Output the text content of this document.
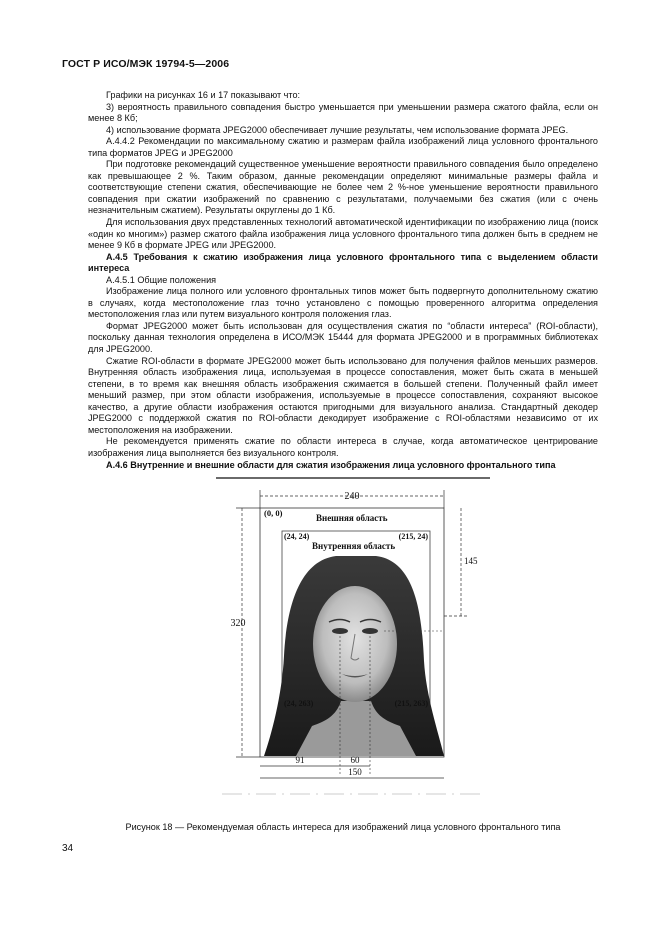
ГОСТ Р ИСО/МЭК 19794-5—2006

Графики на рисунках 16 и 17 показывают что:

3) вероятность правильного совпадения быстро уменьшается при уменьшении размера сжатого файла, если он менее 8 Кб;

4) использование формата JPEG2000 обеспечивает лучшие результаты, чем использование формата JPEG.

А.4.4.2 Рекомендации по максимальному сжатию и размерам файла изображений лица условного фронтального типа форматов JPEG и JPEG2000

При подготовке рекомендаций существенное уменьшение вероятности правильного совпадения было определено как превышающее 2 %. Таким образом, данные рекомендации определяют минимальные размеры файла и соответствующие степени сжатия, обеспечивающие не более чем 2 %-ное уменьшение вероятности правильного совпадения при сжатии изображений по сравнению с результатами, получаемыми без сжатия (или с очень незначительным сжатием). Результаты округлены до 1 Кб.

Для использования двух представленных технологий автоматической идентификации по изображению лица (поиск «один ко многим») размер сжатого файла изображения лица условного фронтального типа должен быть в среднем не менее 9 Кб в формате JPEG или JPEG2000.

А.4.5 Требования к сжатию изображения лица условного фронтального типа с выделением области интереса

А.4.5.1 Общие положения

Изображение лица полного или условного фронтальных типов может быть подвергнуто дополнительному сжатию в случаях, когда местоположение глаз точно установлено с помощью проверенного алгоритма определения местоположения глаз или путем визуального контроля положения глаз.

Формат JPEG2000 может быть использован для осуществления сжатия по “области интереса” (ROI-области), поскольку данная технология определена в ИСО/МЭК 15444 для формата JPEG2000 и в программных библиотеках для JPEG2000.

Сжатие ROI-области в формате JPEG2000 может быть использовано для получения файлов меньших размеров. Внутренняя область изображения лица, используемая в процессе сопоставления, может быть сжата в меньшей степени, в то время как внешняя область изображения сжимается в большей степени. Полученный файл имеет меньший размер, при этом области изображения, используемые в процессе сопоставления, сохраняют высокое качество, а другие области изображения остаются пригодными для визуального анализа. Стандартный декодер JPEG2000 с поддержкой сжатия по ROI-области декодирует изображение с ROI-областями независимо от их местоположения на изображении.

Не рекомендуется применять сжатие по области интереса в случае, когда автоматическое центрирование изображения лица выполняется без визуального контроля.

А.4.6 Внутренние и внешние области для сжатия изображения лица условного фронтального типа

240
320
145
(0, 0)	Внешняя область
(24, 24)	(215, 24)
Внутренняя область
(24, 263)	(215, 263)
91	60
150
Рисунок 18 — Рекомендуемая область интереса для изображений лица условного фронтального типа
34
